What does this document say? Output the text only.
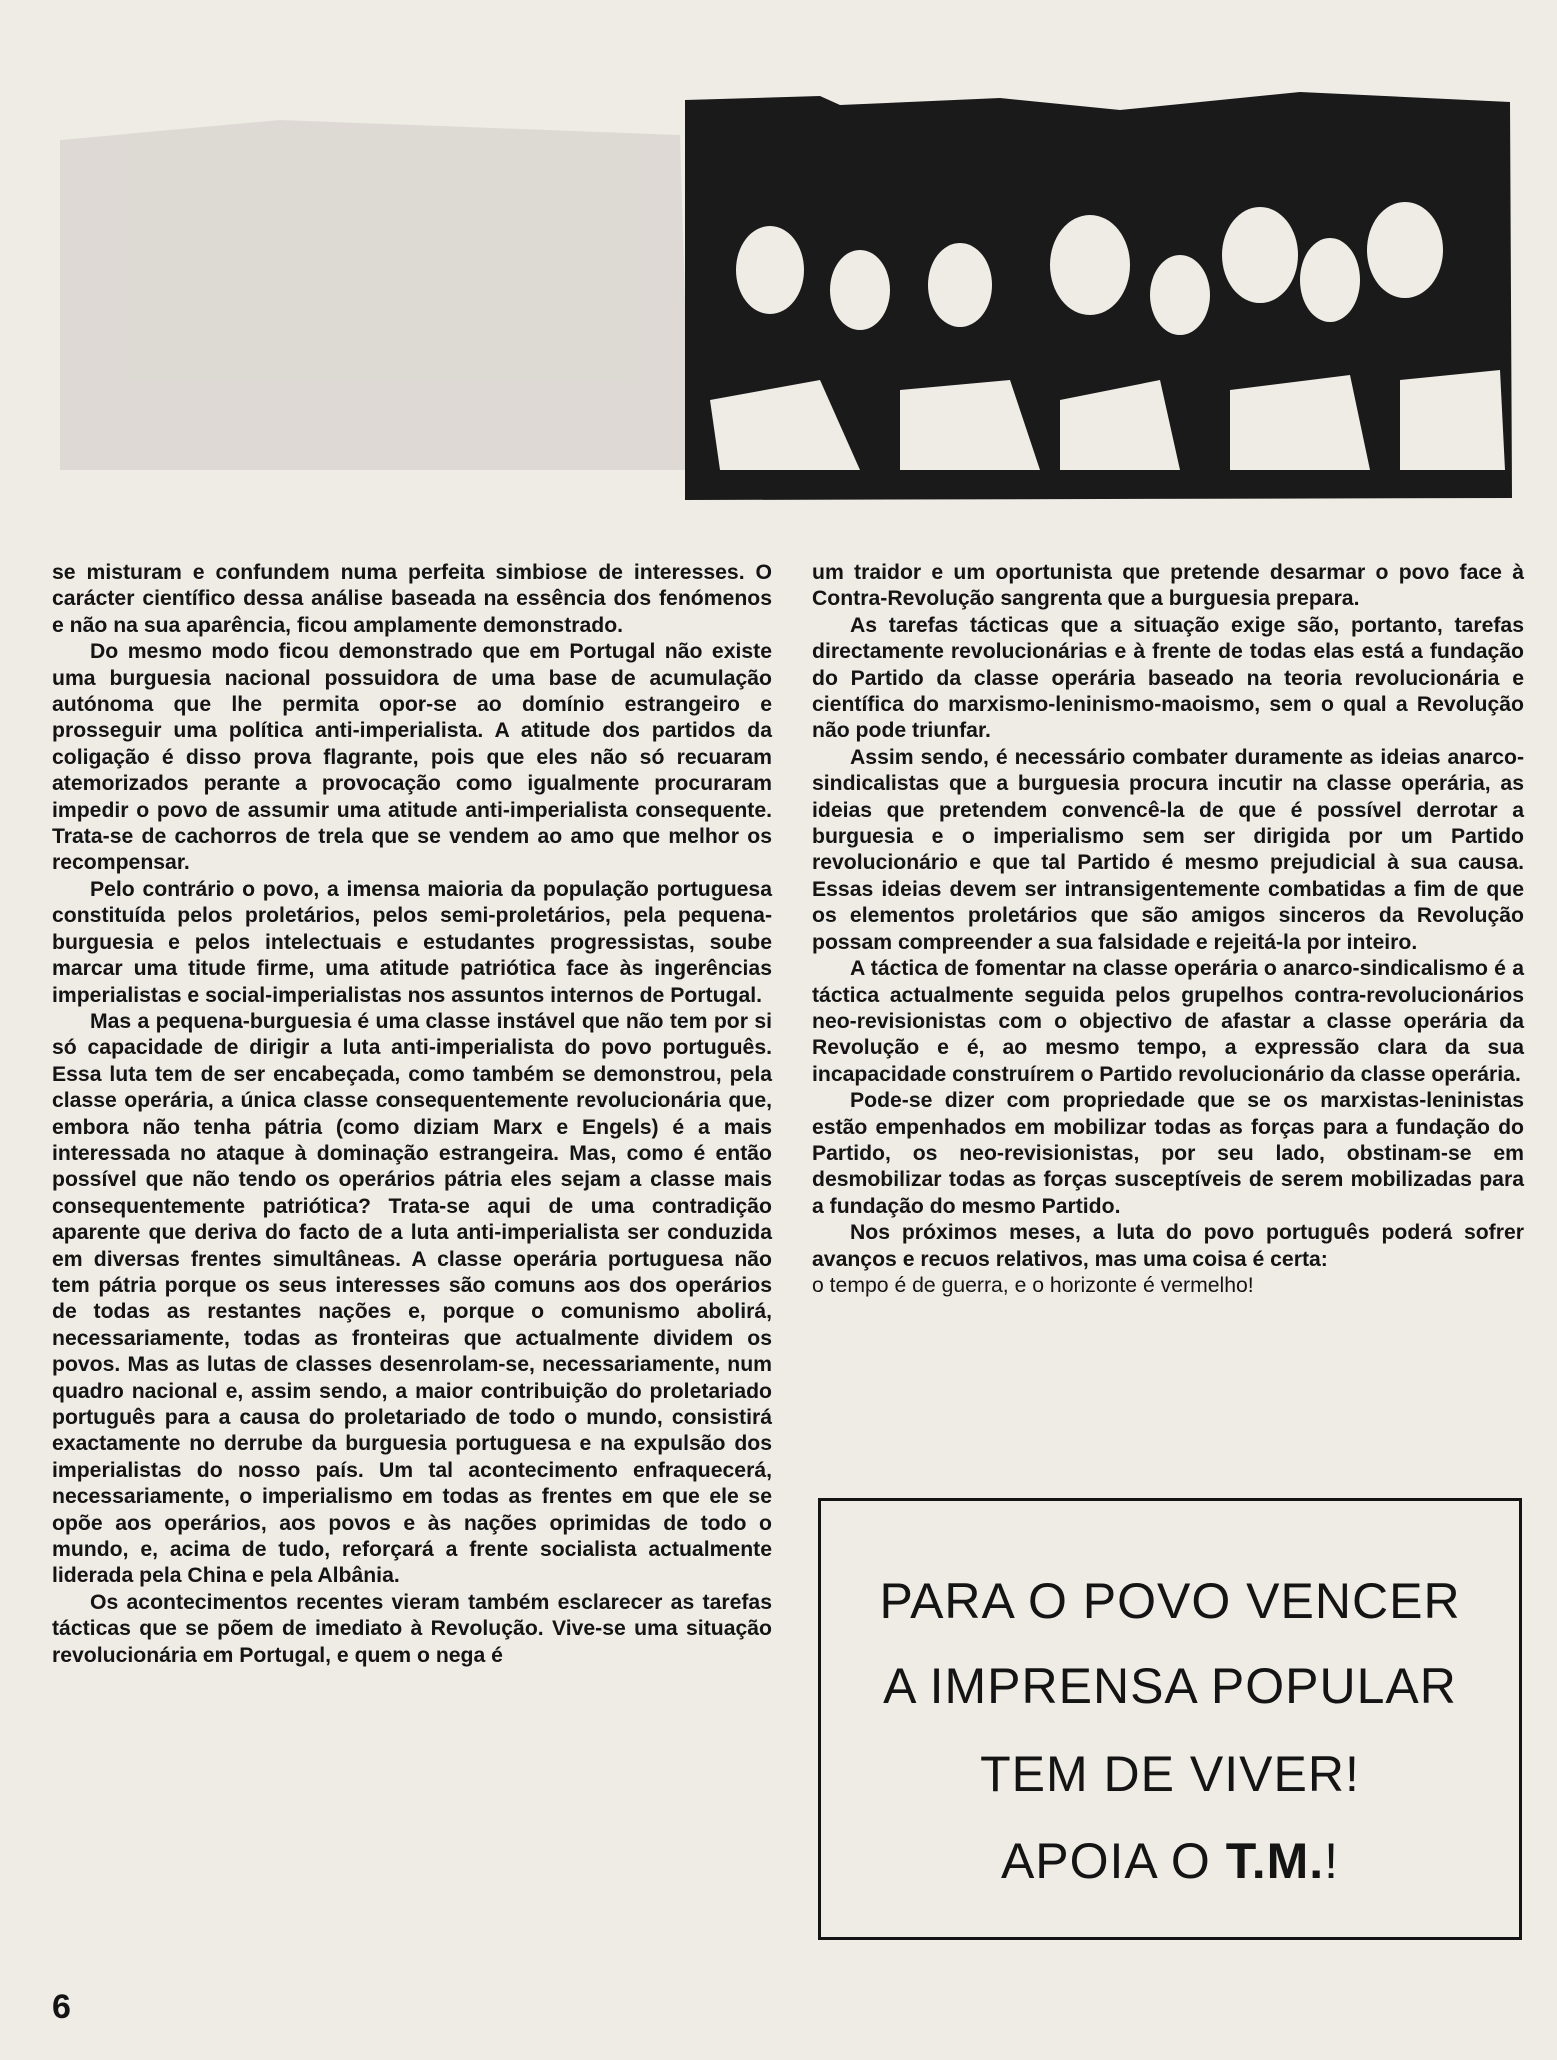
se misturam e confundem numa perfeita simbiose de interesses. O carácter científico dessa análise baseada na essência dos fenómenos e não na sua aparência, ficou amplamente demonstrado.

Do mesmo modo ficou demonstrado que em Portugal não existe uma burguesia nacional possuidora de uma base de acumulação autónoma que lhe permita opor-se ao domínio estrangeiro e prosseguir uma política anti-imperialista. A atitude dos partidos da coligação é disso prova flagrante, pois que eles não só recuaram atemorizados perante a provocação como igualmente procuraram impedir o povo de assumir uma atitude anti-imperialista consequente. Trata-se de cachorros de trela que se vendem ao amo que melhor os recompensar.

Pelo contrário o povo, a imensa maioria da população portuguesa constituída pelos proletários, pelos semi-proletários, pela pequena-burguesia e pelos intelectuais e estudantes progressistas, soube marcar uma titude firme, uma atitude patriótica face às ingerências imperialistas e social-imperialistas nos assuntos internos de Portugal.

Mas a pequena-burguesia é uma classe instável que não tem por si só capacidade de dirigir a luta anti-imperialista do povo português. Essa luta tem de ser encabeçada, como também se demonstrou, pela classe operária, a única classe consequentemente revolucionária que, embora não tenha pátria (como diziam Marx e Engels) é a mais interessada no ataque à dominação estrangeira. Mas, como é então possível que não tendo os operários pátria eles sejam a classe mais consequentemente patriótica? Trata-se aqui de uma contradição aparente que deriva do facto de a luta anti-imperialista ser conduzida em diversas frentes simultâneas. A classe operária portuguesa não tem pátria porque os seus interesses são comuns aos dos operários de todas as restantes nações e, porque o comunismo abolirá, necessariamente, todas as fronteiras que actualmente dividem os povos. Mas as lutas de classes desenrolam-se, necessariamente, num quadro nacional e, assim sendo, a maior contribuição do proletariado português para a causa do proletariado de todo o mundo, consistirá exactamente no derrube da burguesia portuguesa e na expulsão dos imperialistas do nosso país. Um tal acontecimento enfraquecerá, necessariamente, o imperialismo em todas as frentes em que ele se opõe aos operários, aos povos e às nações oprimidas de todo o mundo, e, acima de tudo, reforçará a frente socialista actualmente liderada pela China e pela Albânia.

Os acontecimentos recentes vieram também esclarecer as tarefas tácticas que se põem de imediato à Revolução. Vive-se uma situação revolucionária em Portugal, e quem o nega é

um traidor e um oportunista que pretende desarmar o povo face à Contra-Revolução sangrenta que a burguesia prepara.

As tarefas tácticas que a situação exige são, portanto, tarefas directamente revolucionárias e à frente de todas elas está a fundação do Partido da classe operária baseado na teoria revolucionária e científica do marxismo-leninismo-maoismo, sem o qual a Revolução não pode triunfar.

Assim sendo, é necessário combater duramente as ideias anarco-sindicalistas que a burguesia procura incutir na classe operária, as ideias que pretendem convencê-la de que é possível derrotar a burguesia e o imperialismo sem ser dirigida por um Partido revolucionário e que tal Partido é mesmo prejudicial à sua causa. Essas ideias devem ser intransigentemente combatidas a fim de que os elementos proletários que são amigos sinceros da Revolução possam compreender a sua falsidade e rejeitá-la por inteiro.

A táctica de fomentar na classe operária o anarco-sindicalismo é a táctica actualmente seguida pelos grupelhos contra-revolucionários neo-revisionistas com o objectivo de afastar a classe operária da Revolução e é, ao mesmo tempo, a expressão clara da sua incapacidade construírem o Partido revolucionário da classe operária.

Pode-se dizer com propriedade que se os marxistas-leninistas estão empenhados em mobilizar todas as forças para a fundação do Partido, os neo-revisionistas, por seu lado, obstinam-se em desmobilizar todas as forças susceptíveis de serem mobilizadas para a fundação do mesmo Partido.

Nos próximos meses, a luta do povo português poderá sofrer avanços e recuos relativos, mas uma coisa é certa:

o tempo é de guerra, e o horizonte é vermelho!

PARA O POVO VENCER
A IMPRENSA POPULAR
TEM DE VIVER!
APOIA O T.M.!
6
